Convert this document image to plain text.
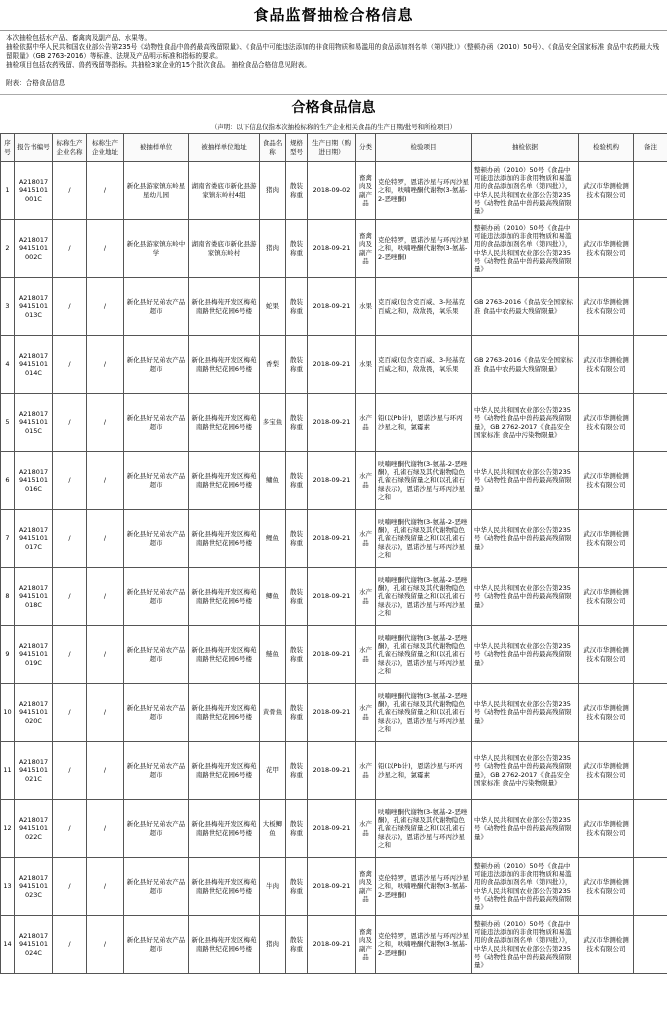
食品监督抽检合格信息

本次抽检包括水产品、畜禽肉及副产品、水果等。

抽检依据中华人民共和国农业部公告第235号《动物性食品中兽药最高残留限量》、《食品中可能违法添加的非食用物质和易滥用的食品添加剂名单（第四批）》（整顿办函（2010）50号）、《食品安全国家标准 食品中农药最大残留限量》（GB 2763-2016）等标准、法规及产品明示标准和指标的要求。

抽检项目包括农药残留、兽药残留等指标。共抽检3家企业的15个批次食品。 抽检食品合格信息见附表。

附表：合格食品信息

合格食品信息
（声明：以下信息仅指本次抽检标称的生产企业相关食品的生产日期/批号和所检项目）
序号	报告书编号	标称生产企业名称	标称生产企业地址	被抽样单位	被抽样单位地址	食品名称	规格型号	生产日期（购进日期）	分类	检验项目	抽检依据	检验机构	备注
1	A218017 9415101 001C	/	/	新化县游家镇东岭星星幼儿园	湖南省娄底市新化县游家镇东岭村4组	猪肉	散装称重	2018-09-02	畜禽肉及副产品	克伦特罗，恩诺沙星与环丙沙星之和，呋喃唑酮代谢物(3-氨基-2-恶唑酮)	整顿办函（2010）50号《食品中可能违法添加的非食用物质和易滥用的食品添加剂名单（第四批）》，中华人民共和国农业部公告第235号《动物性食品中兽药最高残留限量》	武汉市华测检测技术有限公司	
2	A218017 9415101 002C	/	/	新化县游家镇东岭中学	湖南省娄底市新化县游家镇东岭村	猪肉	散装称重	2018-09-21	畜禽肉及副产品	克伦特罗，恩诺沙星与环丙沙星之和，呋喃唑酮代谢物(3-氨基-2-恶唑酮)	整顿办函（2010）50号《食品中可能违法添加的非食用物质和易滥用的食品添加剂名单（第四批）》，中华人民共和国农业部公告第235号《动物性食品中兽药最高残留限量》	武汉市华测检测技术有限公司	
3	A218017 9415101 013C	/	/	新化县好兄弟农产品超市	新化县梅苑开发区梅苑南路世纪花园6号楼	蛇果	散装称重	2018-09-21	水果	克百威(包含克百威、3-羟基克百威之和)，敌敌畏，氧乐果	GB 2763-2016《食品安全国家标准 食品中农药最大残留限量》	武汉市华测检测技术有限公司	
4	A218017 9415101 014C	/	/	新化县好兄弟农产品超市	新化县梅苑开发区梅苑南路世纪花园6号楼	香梨	散装称重	2018-09-21	水果	克百威(包含克百威、3-羟基克百威之和)，敌敌畏，氧乐果	GB 2763-2016《食品安全国家标准 食品中农药最大残留限量》	武汉市华测检测技术有限公司	
5	A218017 9415101 015C	/	/	新化县好兄弟农产品超市	新化县梅苑开发区梅苑南路世纪花园6号楼	多宝鱼	散装称重	2018-09-21	水产品	铅(以Pb计)，恩诺沙星与环丙沙星之和，氯霉素	中华人民共和国农业部公告第235号《动物性食品中兽药最高残留限量》，GB 2762-2017《食品安全国家标准 食品中污染物限量》	武汉市华测检测技术有限公司	
6	A218017 9415101 016C	/	/	新化县好兄弟农产品超市	新化县梅苑开发区梅苑南路世纪花园6号楼	鳙鱼	散装称重	2018-09-21	水产品	呋喃唑酮代谢物(3-氨基-2-恶唑酮)，孔雀石绿及其代谢物隐色孔雀石绿残留量之和(以孔雀石绿表示)，恩诺沙星与环丙沙星之和	中华人民共和国农业部公告第235号《动物性食品中兽药最高残留限量》	武汉市华测检测技术有限公司	
7	A218017 9415101 017C	/	/	新化县好兄弟农产品超市	新化县梅苑开发区梅苑南路世纪花园6号楼	鲤鱼	散装称重	2018-09-21	水产品	呋喃唑酮代谢物(3-氨基-2-恶唑酮)，孔雀石绿及其代谢物隐色孔雀石绿残留量之和(以孔雀石绿表示)，恩诺沙星与环丙沙星之和	中华人民共和国农业部公告第235号《动物性食品中兽药最高残留限量》	武汉市华测检测技术有限公司	
8	A218017 9415101 018C	/	/	新化县好兄弟农产品超市	新化县梅苑开发区梅苑南路世纪花园6号楼	鲫鱼	散装称重	2018-09-21	水产品	呋喃唑酮代谢物(3-氨基-2-恶唑酮)，孔雀石绿及其代谢物隐色孔雀石绿残留量之和(以孔雀石绿表示)，恩诺沙星与环丙沙星之和	中华人民共和国农业部公告第235号《动物性食品中兽药最高残留限量》	武汉市华测检测技术有限公司	
9	A218017 9415101 019C	/	/	新化县好兄弟农产品超市	新化县梅苑开发区梅苑南路世纪花园6号楼	鲢鱼	散装称重	2018-09-21	水产品	呋喃唑酮代谢物(3-氨基-2-恶唑酮)，孔雀石绿及其代谢物隐色孔雀石绿残留量之和(以孔雀石绿表示)，恩诺沙星与环丙沙星之和	中华人民共和国农业部公告第235号《动物性食品中兽药最高残留限量》	武汉市华测检测技术有限公司	
10	A218017 9415101 020C	/	/	新化县好兄弟农产品超市	新化县梅苑开发区梅苑南路世纪花园6号楼	黄骨鱼	散装称重	2018-09-21	水产品	呋喃唑酮代谢物(3-氨基-2-恶唑酮)，孔雀石绿及其代谢物隐色孔雀石绿残留量之和(以孔雀石绿表示)，恩诺沙星与环丙沙星之和	中华人民共和国农业部公告第235号《动物性食品中兽药最高残留限量》	武汉市华测检测技术有限公司	
11	A218017 9415101 021C	/	/	新化县好兄弟农产品超市	新化县梅苑开发区梅苑南路世纪花园6号楼	花甲	散装称重	2018-09-21	水产品	铅(以Pb计)，恩诺沙星与环丙沙星之和，氯霉素	中华人民共和国农业部公告第235号《动物性食品中兽药最高残留限量》，GB 2762-2017《食品安全国家标准 食品中污染物限量》	武汉市华测检测技术有限公司	
12	A218017 9415101 022C	/	/	新化县好兄弟农产品超市	新化县梅苑开发区梅苑南路世纪花园6号楼	大板鲫鱼	散装称重	2018-09-21	水产品	呋喃唑酮代谢物(3-氨基-2-恶唑酮)，孔雀石绿及其代谢物隐色孔雀石绿残留量之和(以孔雀石绿表示)，恩诺沙星与环丙沙星之和	中华人民共和国农业部公告第235号《动物性食品中兽药最高残留限量》	武汉市华测检测技术有限公司	
13	A218017 9415101 023C	/	/	新化县好兄弟农产品超市	新化县梅苑开发区梅苑南路世纪花园6号楼	牛肉	散装称重	2018-09-21	畜禽肉及副产品	克伦特罗，恩诺沙星与环丙沙星之和，呋喃唑酮代谢物(3-氨基-2-恶唑酮)	整顿办函（2010）50号《食品中可能违法添加的非食用物质和易滥用的食品添加剂名单（第四批）》，中华人民共和国农业部公告第235号《动物性食品中兽药最高残留限量》	武汉市华测检测技术有限公司	
14	A218017 9415101 024C	/	/	新化县好兄弟农产品超市	新化县梅苑开发区梅苑南路世纪花园6号楼	猪肉	散装称重	2018-09-21	畜禽肉及副产品	克伦特罗，恩诺沙星与环丙沙星之和，呋喃唑酮代谢物(3-氨基-2-恶唑酮)	整顿办函（2010）50号《食品中可能违法添加的非食用物质和易滥用的食品添加剂名单（第四批）》，中华人民共和国农业部公告第235号《动物性食品中兽药最高残留限量》	武汉市华测检测技术有限公司	
